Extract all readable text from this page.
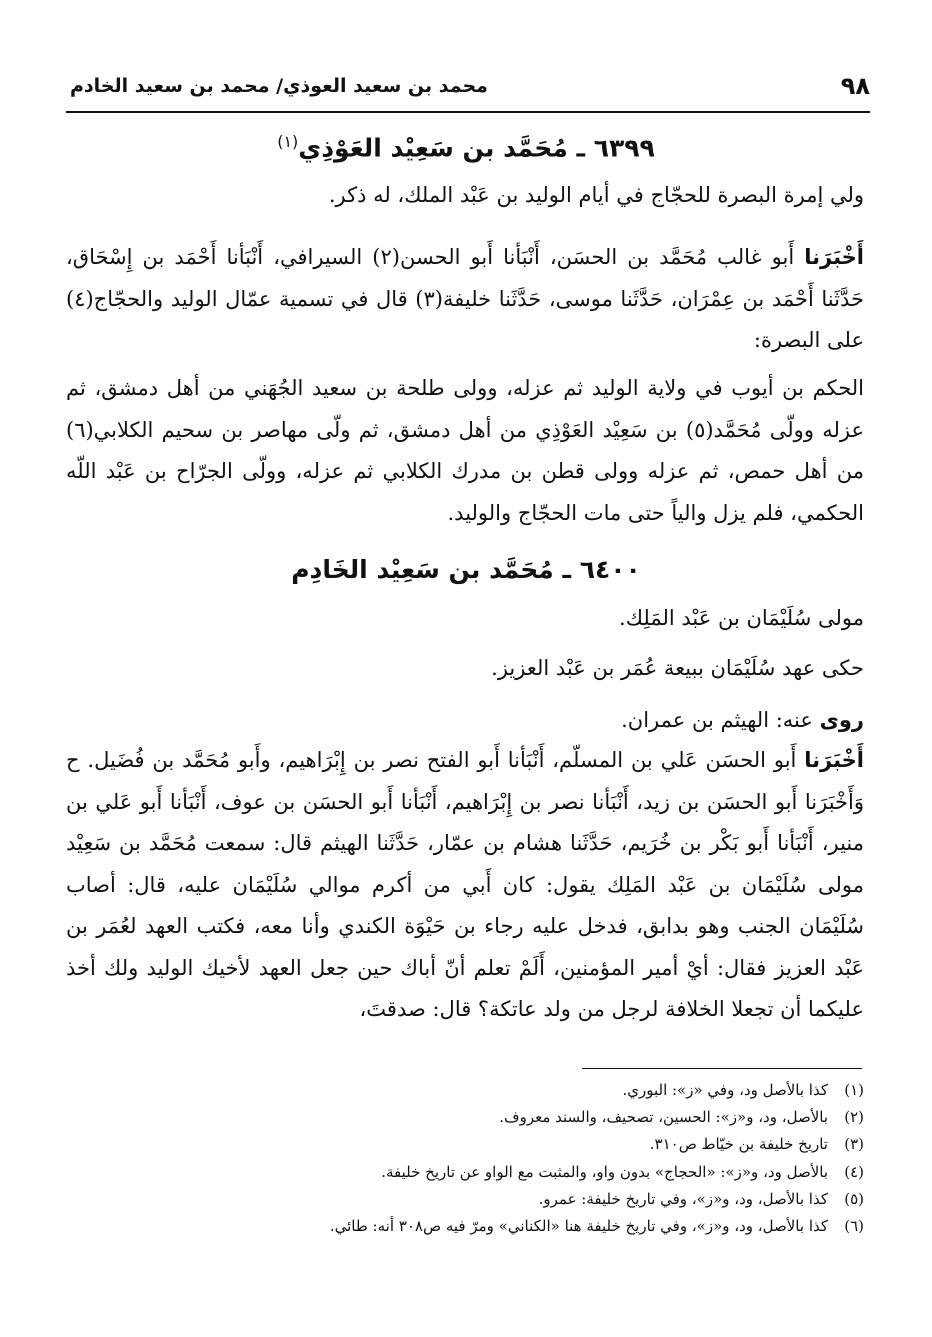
٩٨
محمد بن سعيد العوذي/ محمد بن سعيد الخادم
٦٣٩٩ ـ مُحَمَّد بن سَعِيْد العَوْذِي$^{(١)}$

ولي إمرة البصرة للحجّاج في أيام الوليد بن عَبْد الملك، له ذكر.

أَخْبَرَنا أَبو غالب مُحَمَّد بن الحسَن، أَنْبَأنا أَبو الحسن(٢) السيرافي، أَنْبَأنا أَحْمَد بن إِسْحَاق، حَدَّثَنا أَحْمَد بن عِمْرَان، حَدَّثَنا موسى، حَدَّثَنا خليفة(٣) قال في تسمية عمّال الوليد والحجّاج(٤) على البصرة:

الحكم بن أيوب في ولاية الوليد ثم عزله، وولى طلحة بن سعيد الجُهَني من أهل دمشق، ثم عزله وولّى مُحَمَّد(٥) بن سَعِيْد العَوْذِي من أهل دمشق، ثم ولّى مهاصر بن سحيم الكلابي(٦) من أهل حمص، ثم عزله وولى قطن بن مدرك الكلابي ثم عزله، وولّى الجرّاح بن عَبْد اللّه الحكمي، فلم يزل والياً حتى مات الحجّاج والوليد.

٦٤٠٠ ـ مُحَمَّد بن سَعِيْد الخَادِم

مولى سُلَيْمَان بن عَبْد المَلِك.

حكى عهد سُلَيْمَان ببيعة عُمَر بن عَبْد العزيز.

روى عنه: الهيثم بن عمران.

أَخْبَرَنا أَبو الحسَن عَلي بن المسلّم، أَنْبَأنا أَبو الفتح نصر بن إِبْرَاهيم، وأَبو مُحَمَّد بن فُضَيل. ح وَأَخْبَرَنا أَبو الحسَن بن زيد، أَنْبَأنا نصر بن إِبْرَاهيم، أَنْبَأنا أَبو الحسَن بن عوف، أَنْبَأنا أَبو عَلي بن منير، أَنْبَأنا أَبو بَكْر بن خُرَيم، حَدَّثَنا هشام بن عمّار، حَدَّثَنا الهيثم قال: سمعت مُحَمَّد بن سَعِيْد مولى سُلَيْمَان بن عَبْد المَلِك يقول: كان أَبي من أكرم موالي سُلَيْمَان عليه، قال: أصاب سُلَيْمَان الجنب وهو بدابق، فدخل عليه رجاء بن حَيْوَة الكندي وأنا معه، فكتب العهد لعُمَر بن عَبْد العزيز فقال: أيْ أمير المؤمنين، أَلَمْ تعلم أنّ أباك حين جعل العهد لأخيك الوليد ولك أخذ عليكما أن تجعلا الخلافة لرجل من ولد عاتكة؟ قال: صدقتَ،

(١)كذا بالأصل ود، وفي «ز»: البوري.
(٢)بالأصل، ود، و«ز»: الحسين، تصحيف، والسند معروف.
(٣)تاريخ خليفة بن خيّاط ص٣١٠.
(٤)بالأصل ود، و«ز»: «الحجاج» بدون واو، والمثبت مع الواو عن تاريخ خليفة.
(٥)كذا بالأصل، ود، و«ز»، وفي تاريخ خليفة: عمرو.
(٦)كذا بالأصل، ود، و«ز»، وفي تاريخ خليفة هنا «الكناني» ومرّ فيه ص٣٠٨ أنه: طائي.
